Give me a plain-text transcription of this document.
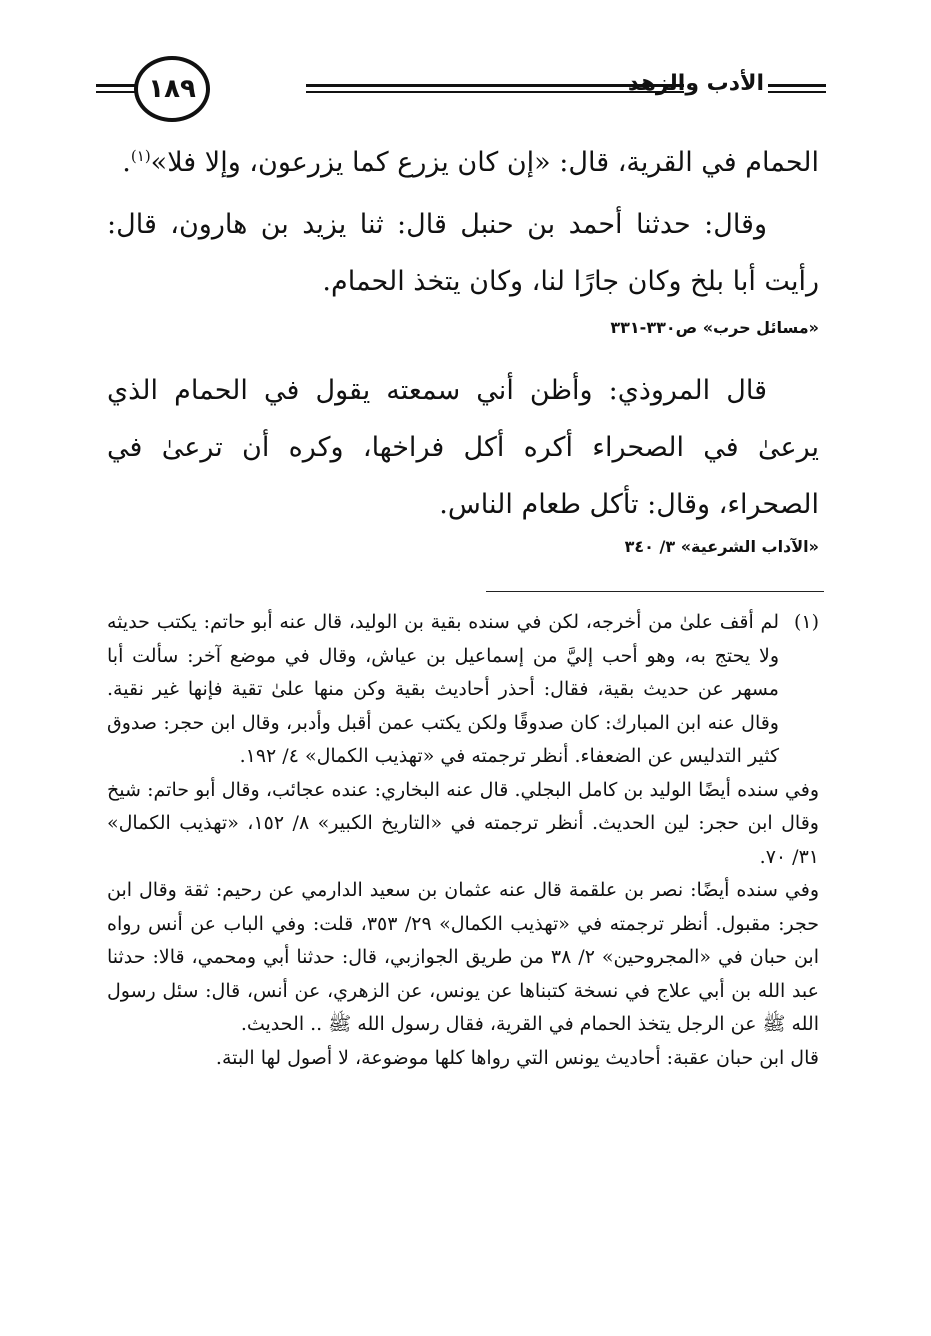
الأدب والزهد
١٨٩

الحمام في القرية، قال: «إن كان يزرع كما يزرعون، وإلا فلا»$^{(١)}$.

وقال: حدثنا أحمد بن حنبل قال: ثنا يزيد بن هارون، قال: رأيت أبا بلخ وكان جارًا لنا، وكان يتخذ الحمام.

«مسائل حرب» ص٣٣٠-٣٣١

قال المروذي: وأظن أني سمعته يقول في الحمام الذي يرعىٰ في الصحراء أكره أكل فراخها، وكره أن ترعىٰ في الصحراء، وقال: تأكل طعام الناس.

«الآداب الشرعية» ٣/ ٣٤٠
(١)

لم أقف علىٰ من أخرجه، لكن في سنده بقية بن الوليد، قال عنه أبو حاتم: يكتب حديثه ولا يحتج به، وهو أحب إليَّ من إسماعيل بن عياش، وقال في موضع آخر: سألت أبا مسهر عن حديث بقية، فقال: أحذر أحاديث بقية وكن منها علىٰ تقية فإنها غير نقية. وقال عنه ابن المبارك: كان صدوقًا ولكن يكتب عمن أقبل وأدبر، وقال ابن حجر: صدوق كثير التدليس عن الضعفاء. أنظر ترجمته في «تهذيب الكمال» ٤/ ١٩٢.

وفي سنده أيضًا الوليد بن كامل البجلي. قال عنه البخاري: عنده عجائب، وقال أبو حاتم: شيخ وقال ابن حجر: لين الحديث. أنظر ترجمته في «التاريخ الكبير» ٨/ ١٥٢، «تهذيب الكمال» ٣١/ ٧٠.

وفي سنده أيضًا: نصر بن علقمة قال عنه عثمان بن سعيد الدارمي عن رحيم: ثقة وقال ابن حجر: مقبول. أنظر ترجمته في «تهذيب الكمال» ٢٩/ ٣٥٣، قلت: وفي الباب عن أنس رواه ابن حبان في «المجروحين» ٢/ ٣٨ من طريق الجوازبي، قال: حدثنا أبي ومحمي، قالا: حدثنا عبد الله بن أبي علاج في نسخة كتبناها عن يونس، عن الزهري، عن أنس، قال: سئل رسول الله ﷺ عن الرجل يتخذ الحمام في القرية، فقال رسول الله ﷺ .. الحديث.

قال ابن حبان عقبة: أحاديث يونس التي رواها كلها موضوعة، لا أصول لها البتة.
